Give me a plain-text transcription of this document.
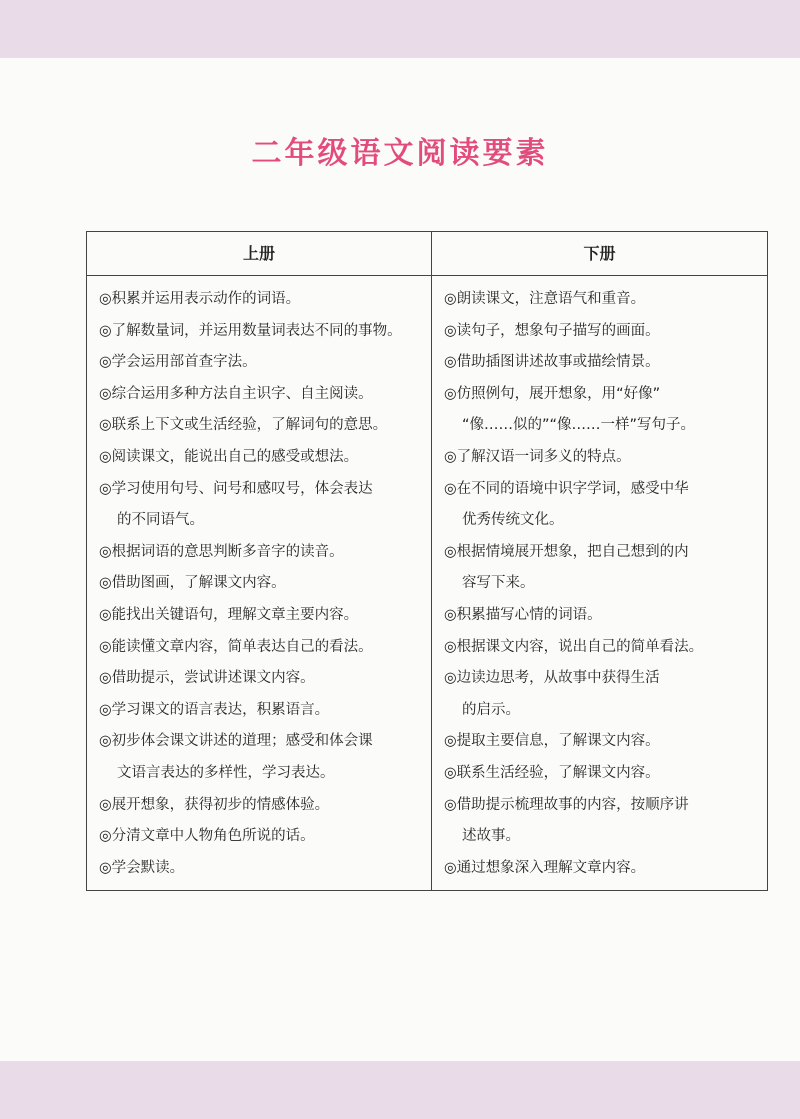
二年级语文阅读要素
上册	下册
◎积累并运用表示动作的词语。
◎了解数量词，并运用数量词表达不同的事物。
◎学会运用部首查字法。
◎综合运用多种方法自主识字、自主阅读。
◎联系上下文或生活经验，了解词句的意思。
◎阅读课文，能说出自己的感受或想法。
◎学习使用句号、问号和感叹号，体会表达
的不同语气。
◎根据词语的意思判断多音字的读音。
◎借助图画，了解课文内容。
◎能找出关键语句，理解文章主要内容。
◎能读懂文章内容，简单表达自己的看法。
◎借助提示，尝试讲述课文内容。
◎学习课文的语言表达，积累语言。
◎初步体会课文讲述的道理；感受和体会课
文语言表达的多样性，学习表达。
◎展开想象，获得初步的情感体验。
◎分清文章中人物角色所说的话。
◎学会默读。
◎朗读课文，注意语气和重音。
◎读句子，想象句子描写的画面。
◎借助插图讲述故事或描绘情景。
◎仿照例句，展开想象，用“好像”
“像……似的”“像……一样”写句子。
◎了解汉语一词多义的特点。
◎在不同的语境中识字学词，感受中华
优秀传统文化。
◎根据情境展开想象，把自己想到的内
容写下来。
◎积累描写心情的词语。
◎根据课文内容，说出自己的简单看法。
◎边读边思考，从故事中获得生活
的启示。
◎提取主要信息，了解课文内容。
◎联系生活经验，了解课文内容。
◎借助提示梳理故事的内容，按顺序讲
述故事。
◎通过想象深入理解文章内容。
